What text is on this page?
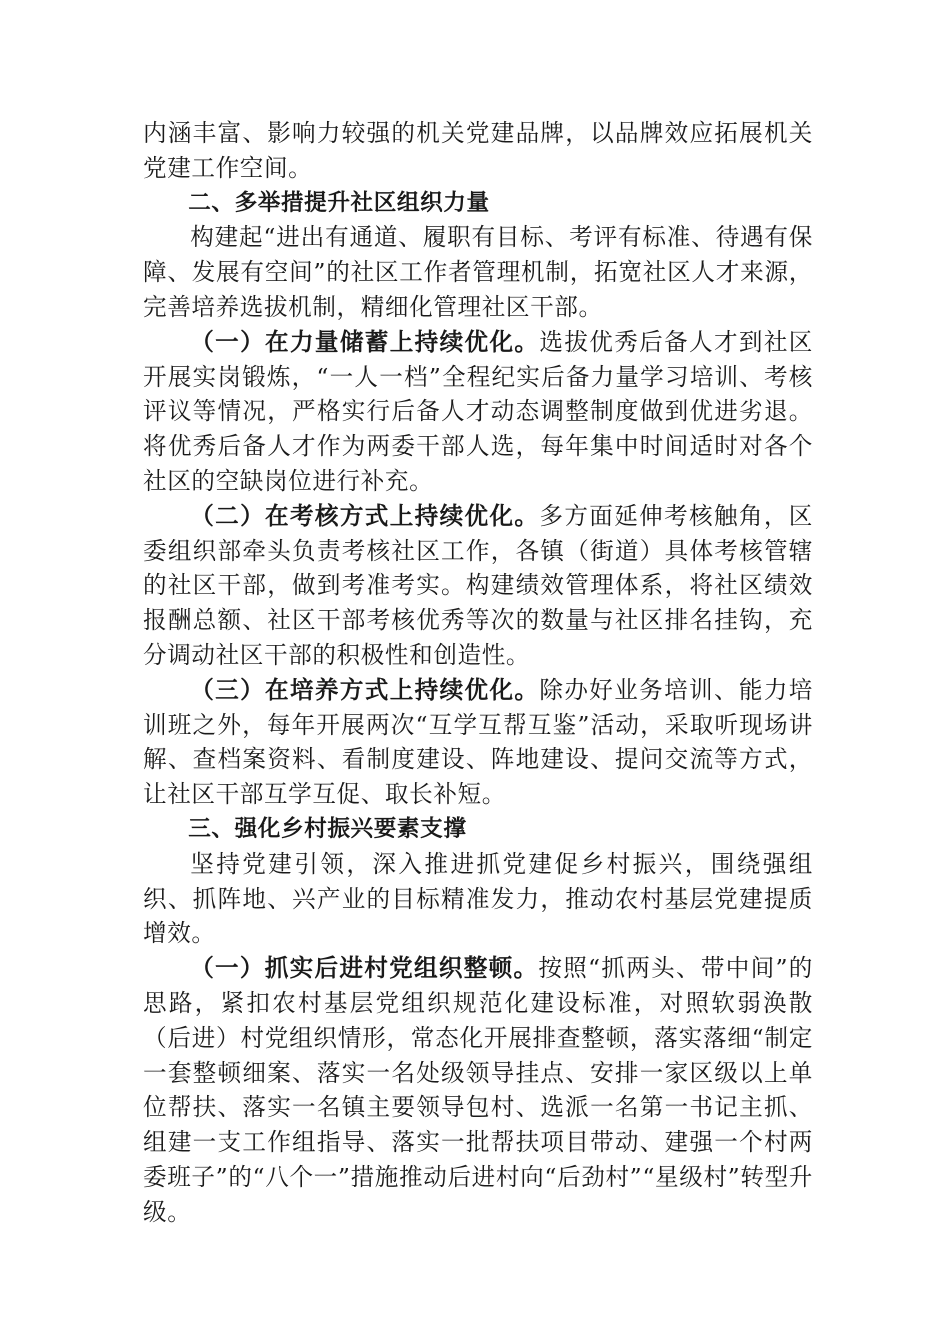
内涵丰富、影响力较强的机关党建品牌，以品牌效应拓展机关党建工作空间。

二、多举措提升社区组织力量

构建起“进出有通道、履职有目标、考评有标准、待遇有保障、发展有空间”的社区工作者管理机制，拓宽社区人才来源，完善培养选拔机制，精细化管理社区干部。

（一）在力量储蓄上持续优化。选拔优秀后备人才到社区开展实岗锻炼，“一人一档”全程纪实后备力量学习培训、考核评议等情况，严格实行后备人才动态调整制度做到优进劣退。将优秀后备人才作为两委干部人选，每年集中时间适时对各个社区的空缺岗位进行补充。

（二）在考核方式上持续优化。多方面延伸考核触角，区委组织部牵头负责考核社区工作，各镇（街道）具体考核管辖的社区干部，做到考准考实。构建绩效管理体系，将社区绩效报酬总额、社区干部考核优秀等次的数量与社区排名挂钩，充分调动社区干部的积极性和创造性。

（三）在培养方式上持续优化。除办好业务培训、能力培训班之外，每年开展两次“互学互帮互鉴”活动，采取听现场讲解、查档案资料、看制度建设、阵地建设、提问交流等方式，让社区干部互学互促、取长补短。

三、强化乡村振兴要素支撑

坚持党建引领，深入推进抓党建促乡村振兴，围绕强组织、抓阵地、兴产业的目标精准发力，推动农村基层党建提质增效。

（一）抓实后进村党组织整顿。按照“抓两头、带中间”的思路，紧扣农村基层党组织规范化建设标准，对照软弱涣散（后进）村党组织情形，常态化开展排查整顿，落实落细“制定一套整顿细案、落实一名处级领导挂点、安排一家区级以上单位帮扶、落实一名镇主要领导包村、选派一名第一书记主抓、组建一支工作组指导、落实一批帮扶项目带动、建强一个村两委班子”的“八个一”措施推动后进村向“后劲村”“星级村”转型升级。
